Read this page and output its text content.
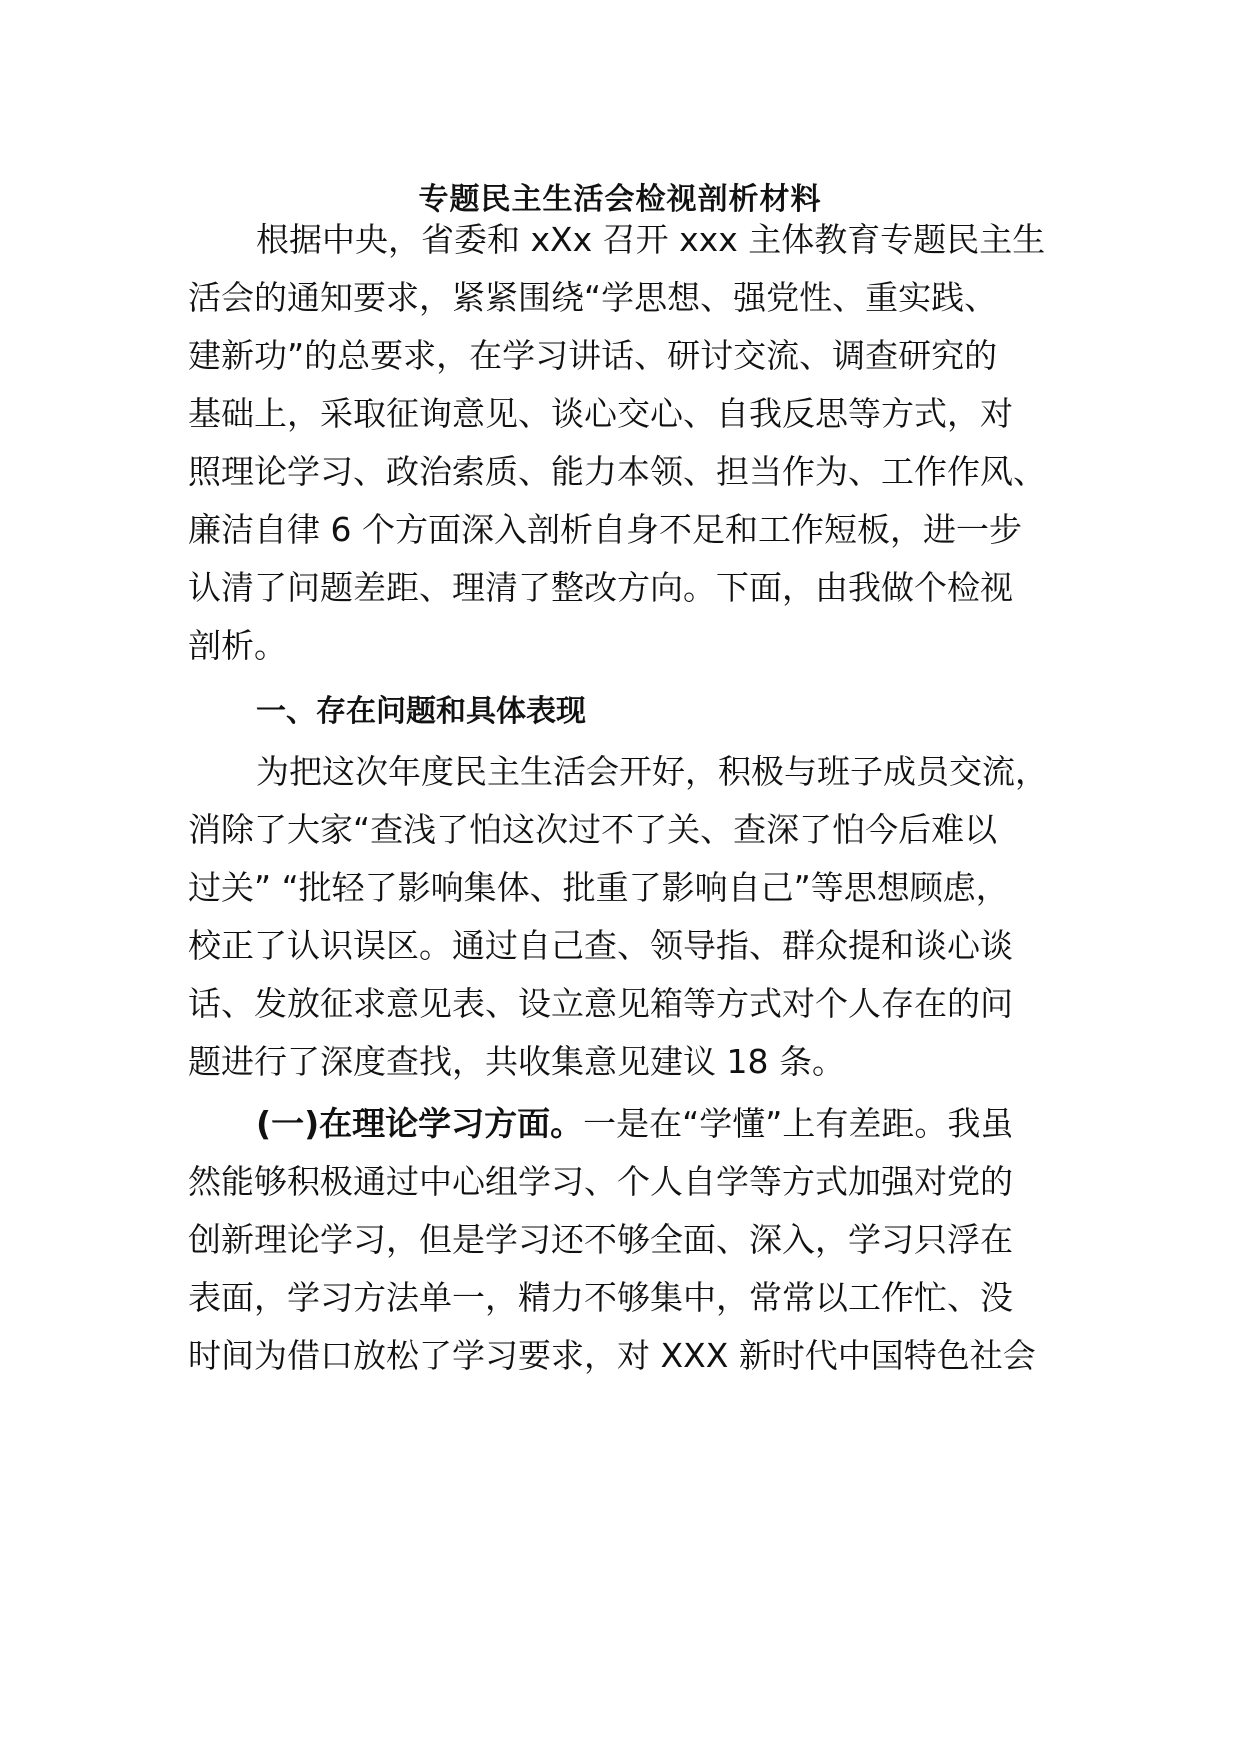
专题民主生活会检视剖析材料
根据中央，省委和 xXx 召开 xxx 主体教育专题民主生
活会的通知要求，紧紧围绕“学思想、强党性、重实践、
建新功”的总要求，在学习讲话、研讨交流、调查研究的
基础上，采取征询意见、谈心交心、自我反思等方式，对
照理论学习、政治索质、能力本领、担当作为、工作作风、
廉洁自律 6 个方面深入剖析自身不足和工作短板，进一步
认清了问题差距、理清了整改方向。下面，由我做个检视
剖析。
一、存在问题和具体表现
为把这次年度民主生活会开好，积极与班子成员交流，
消除了大家“查浅了怕这次过不了关、查深了怕今后难以
过关” “批轻了影响集体、批重了影响自己”等思想顾虑，
校正了认识误区。通过自己查、领导指、群众提和谈心谈
话、发放征求意见表、设立意见箱等方式对个人存在的问
题进行了深度查找，共收集意见建议 18 条。
(一)在理论学习方面。一是在“学懂”上有差距。我虽
然能够积极通过中心组学习、个人自学等方式加强对党的
创新理论学习，但是学习还不够全面、深入，学习只浮在
表面，学习方法单一，精力不够集中，常常以工作忙、没
时间为借口放松了学习要求，对 XXX 新时代中国特色社会
